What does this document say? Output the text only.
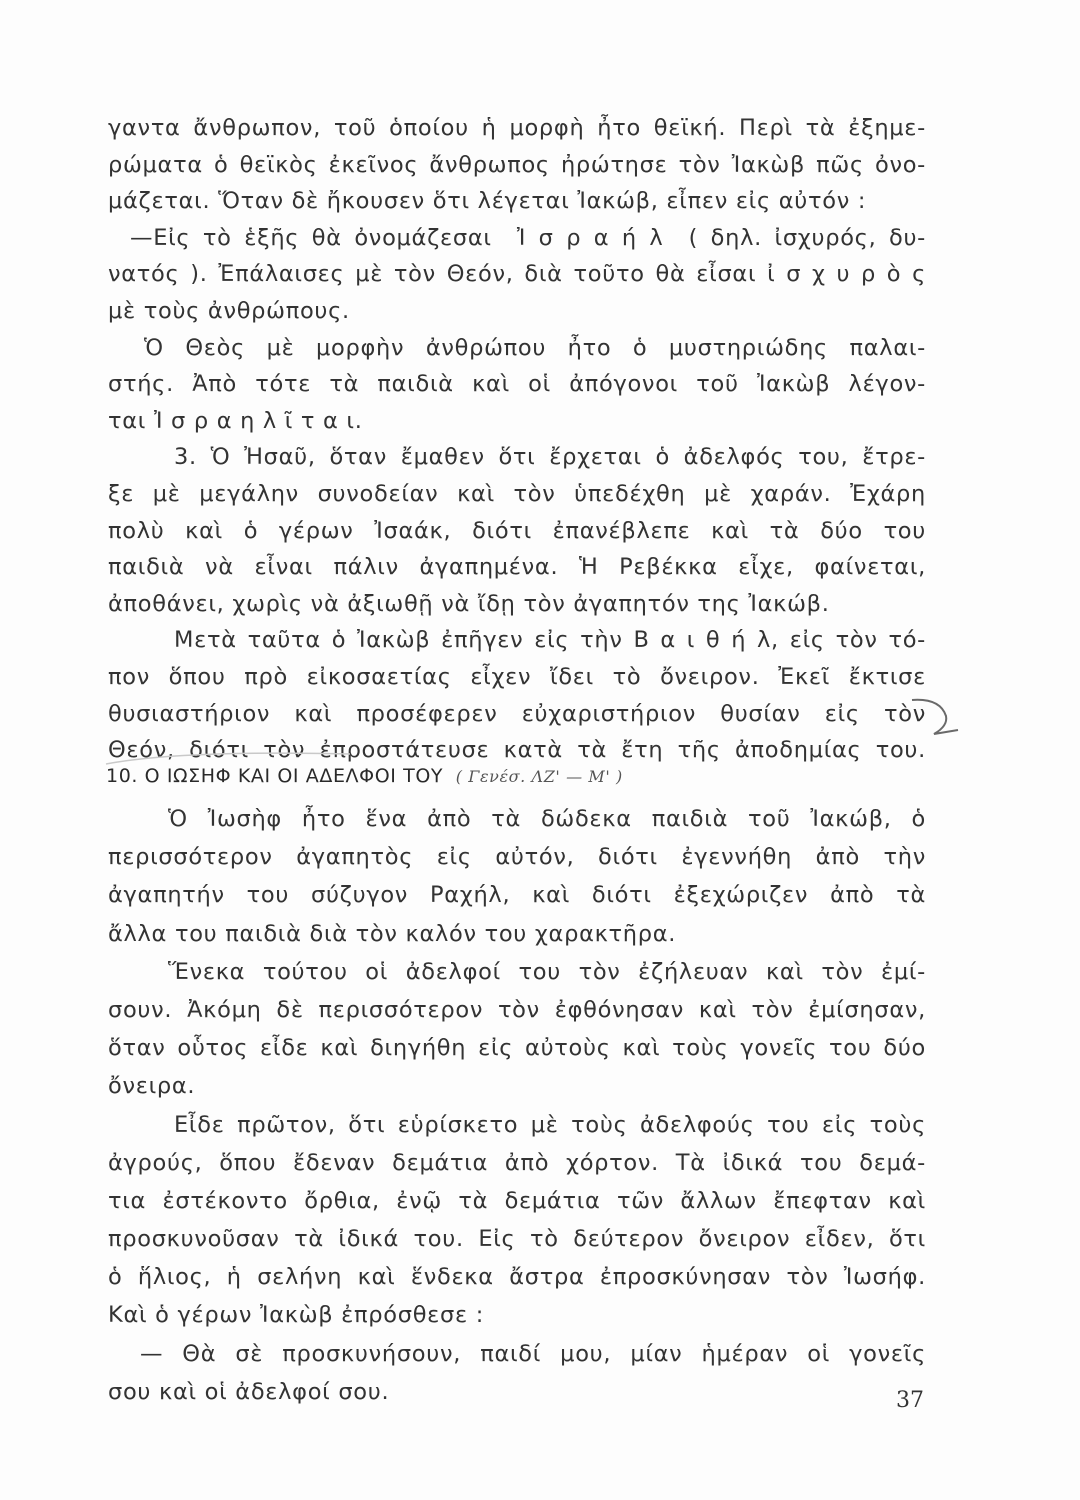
γαντα ἄνθρωπον, τοῦ ὁποίου ἡ μορφὴ ἦτο θεϊκή. Περὶ τὰ ἐξημε-
ρώματα ὁ θεϊκὸς ἐκεῖνος ἄνθρωπος ἠρώτησε τὸν Ἰακὼβ πῶς ὀνο-
μάζεται. Ὅταν δὲ ἤκουσεν ὅτι λέγεται Ἰακώβ, εἶπεν εἰς αὐτόν :
—Εἰς τὸ ἑξῆς θὰ ὀνομάζεσαι  Ἰ σ ρ α ή λ  ( δηλ. ἰσχυρός, δυ-
νατός ). Ἐπάλαισες μὲ τὸν Θεόν, διὰ τοῦτο θὰ εἶσαι ἰ σ χ υ ρ ὸ ς
μὲ τοὺς ἀνθρώπους.
Ὁ Θεὸς μὲ μορφὴν ἀνθρώπου ἦτο ὁ μυστηριώδης παλαι-
στής. Ἀπὸ τότε τὰ παιδιὰ καὶ οἱ ἀπόγονοι τοῦ Ἰακὼβ λέγον-
ται Ἰ σ ρ α η λ ῖ τ α ι.
3. Ὁ Ἠσαῦ, ὅταν ἔμαθεν ὅτι ἔρχεται ὁ ἀδελφός του, ἔτρε-
ξε μὲ μεγάλην συνοδείαν καὶ τὸν ὑπεδέχθη μὲ χαράν. Ἐχάρη
πολὺ καὶ ὁ γέρων Ἰσαάκ, διότι ἐπανέβλεπε καὶ τὰ δύο του
παιδιὰ νὰ εἶναι πάλιν ἀγαπημένα. Ἡ Ρεβέκκα εἶχε, φαίνεται,
ἀποθάνει, χωρὶς νὰ ἀξιωθῇ νὰ ἴδῃ τὸν ἀγαπητόν της Ἰακώβ.
Μετὰ ταῦτα ὁ Ἰακὼβ ἐπῆγεν εἰς τὴν Β α ι θ ή λ, εἰς τὸν τό-
πον ὅπου πρὸ εἰκοσαετίας εἶχεν ἴδει τὸ ὄνειρον. Ἐκεῖ ἔκτισε
θυσιαστήριον καὶ προσέφερεν εὐχαριστήριον θυσίαν εἰς τὸν
Θεόν, διότι τὸν ἐπροστάτευσε κατὰ τὰ ἔτη τῆς ἀποδημίας του.
10. Ο ΙΩΣΗΦ ΚΑΙ ΟΙ ΑΔΕΛΦΟΙ ΤΟΥ ( Γενέσ. ΛΖ' — Μ' )
Ὁ Ἰωσὴφ ἦτο ἕνα ἀπὸ τὰ δώδεκα παιδιὰ τοῦ Ἰακώβ, ὁ
περισσότερον ἀγαπητὸς εἰς αὐτόν, διότι ἐγεννήθη ἀπὸ τὴν
ἀγαπητήν του σύζυγον Ραχήλ, καὶ διότι ἐξεχώριζεν ἀπὸ τὰ
ἄλλα του παιδιὰ διὰ τὸν καλόν του χαρακτῆρα.
Ἕνεκα τούτου οἱ ἀδελφοί του τὸν ἐζήλευαν καὶ τὸν ἐμί-
σουν. Ἀκόμη δὲ περισσότερον τὸν ἐφθόνησαν καὶ τὸν ἐμίσησαν,
ὅταν οὗτος εἶδε καὶ διηγήθη εἰς αὐτοὺς καὶ τοὺς γονεῖς του δύο
ὄνειρα.
Εἶδε πρῶτον, ὅτι εὑρίσκετο μὲ τοὺς ἀδελφούς του εἰς τοὺς
ἀγρούς, ὅπου ἔδεναν δεμάτια ἀπὸ χόρτον. Τὰ ἰδικά του δεμά-
τια ἐστέκοντο ὄρθια, ἐνῷ τὰ δεμάτια τῶν ἄλλων ἔπεφταν καὶ
προσκυνοῦσαν τὰ ἰδικά του. Εἰς τὸ δεύτερον ὄνειρον εἶδεν, ὅτι
ὁ ἥλιος, ἡ σελήνη καὶ ἕνδεκα ἄστρα ἐπροσκύνησαν τὸν Ἰωσήφ.
Καὶ ὁ γέρων Ἰακὼβ ἐπρόσθεσε :
— Θὰ σὲ προσκυνήσουν, παιδί μου, μίαν ἡμέραν οἱ γονεῖς
σου καὶ οἱ ἀδελφοί σου.	37
